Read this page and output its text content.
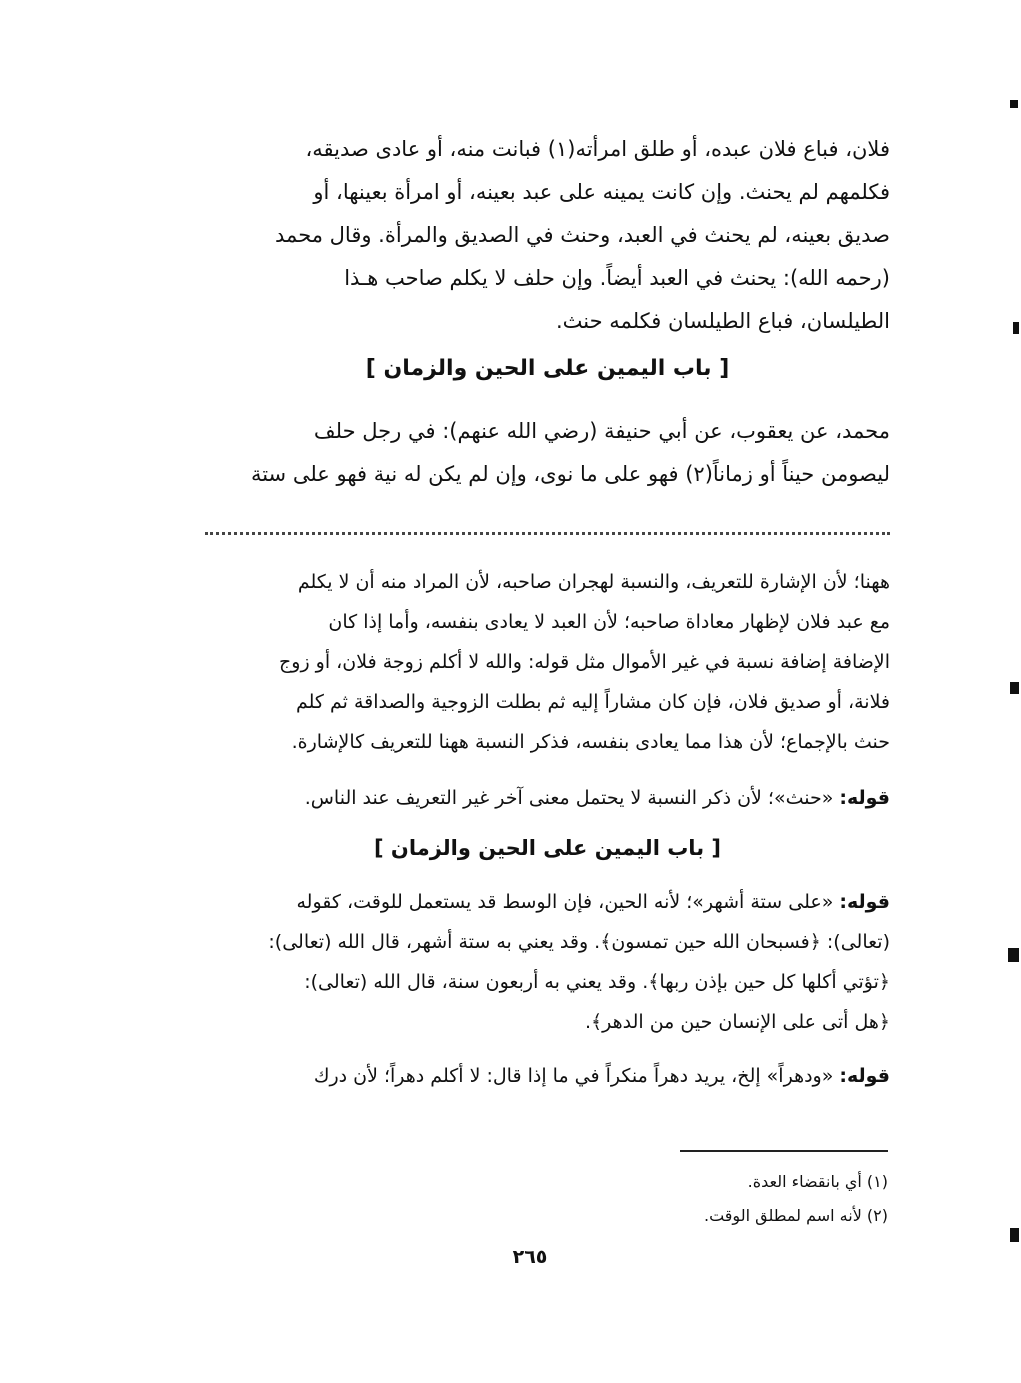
فلان، فباع فلان عبده، أو طلق امرأته(١) فبانت منه، أو عادى صديقه،
فكلمهم لم يحنث. وإن كانت يمينه على عبد بعينه، أو امرأة بعينها، أو
صديق بعينه، لم يحنث في العبد، وحنث في الصديق والمرأة. وقال محمد
(رحمه الله): يحنث في العبد أيضاً. وإن حلف لا يكلم صاحب هـذا
الطيلسان، فباع الطيلسان فكلمه حنث.
[ باب اليمين على الحين والزمان ]
محمد، عن يعقوب، عن أبي حنيفة (رضي الله عنهم): في رجل حلف
ليصومن حيناً أو زماناً(٢) فهو على ما نوى، وإن لم يكن له نية فهو على ستة
ههنا؛ لأن الإشارة للتعريف، والنسبة لهجران صاحبه، لأن المراد منه أن لا يكلم
مع عبد فلان لإظهار معاداة صاحبه؛ لأن العبد لا يعادى بنفسه، وأما إذا كان
الإضافة إضافة نسبة في غير الأموال مثل قوله: والله لا أكلم زوجة فلان، أو زوج
فلانة، أو صديق فلان، فإن كان مشاراً إليه ثم بطلت الزوجية والصداقة ثم كلم
حنث بالإجماع؛ لأن هذا مما يعادى بنفسه، فذكر النسبة ههنا للتعريف كالإشارة.
قوله: «حنث»؛ لأن ذكر النسبة لا يحتمل معنى آخر غير التعريف عند الناس.
[ باب اليمين على الحين والزمان ]
قوله: «على ستة أشهر»؛ لأنه الحين، فإن الوسط قد يستعمل للوقت، كقوله
(تعالى): ﴿فسبحان الله حين تمسون﴾. وقد يعني به ستة أشهر، قال الله (تعالى):
﴿تؤتي أكلها كل حين بإذن ربها﴾. وقد يعني به أربعون سنة، قال الله (تعالى):
﴿هل أتى على الإنسان حين من الدهر﴾.
قوله: «ودهراً» إلخ، يريد دهراً منكراً في ما إذا قال: لا أكلم دهراً؛ لأن درك
(١) أي بانقضاء العدة.
(٢) لأنه اسم لمطلق الوقت.
٢٦٥
